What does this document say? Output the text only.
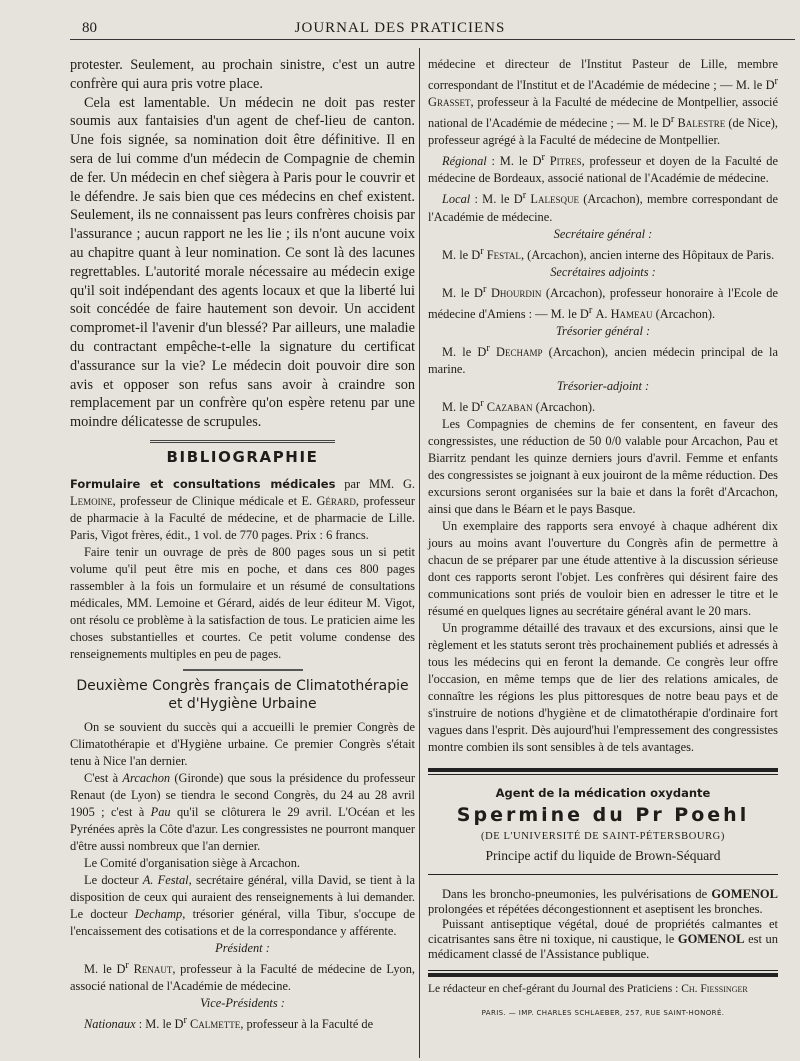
80	JOURNAL DES PRATICIENS

protester. Seulement, au prochain sinistre, c'est un autre confrère qui aura pris votre place.

Cela est lamentable. Un médecin ne doit pas rester soumis aux fantaisies d'un agent de chef-lieu de canton. Une fois signée, sa nomination doit être définitive. Il en sera de lui comme d'un médecin de Compagnie de chemin de fer. Un médecin en chef siègera à Paris pour le couvrir et le défendre. Je sais bien que ces médecins en chef existent. Seulement, ils ne connaissent pas leurs confrères choisis par l'assurance ; aucun rapport ne les lie ; ils n'ont aucune voix au chapitre quant à leur nomination. Ce sont là des lacunes regrettables. L'autorité morale nécessaire au médecin exige qu'il soit indépendant des agents locaux et que la liberté lui soit concédée de faire hautement son devoir. Un accident compromet-il l'avenir d'un blessé? Par ailleurs, une maladie du contractant empêche-t-elle la signature du certificat d'assurance sur la vie? Le médecin doit pouvoir dire son avis et opposer son refus sans avoir à craindre son remplacement par un confrère qu'on espère retenu par une moindre délicatesse de scrupules.

BIBLIOGRAPHIE

Formulaire et consultations médicales par MM. G. Lemoine, professeur de Clinique médicale et E. Gérard, professeur de pharmacie à la Faculté de médecine, et de pharmacie de Lille. Paris, Vigot frères, édit., 1 vol. de 770 pages. Prix : 6 francs.

Faire tenir un ouvrage de près de 800 pages sous un si petit volume qu'il peut être mis en poche, et dans ces 800 pages rassembler à la fois un formulaire et un résumé de consultations médicales, MM. Lemoine et Gérard, aidés de leur éditeur M. Vigot, ont résolu ce problème à la satisfaction de tous. Le praticien aime les choses substantielles et courtes. Ce petit volume condense des renseignements multiples en peu de pages.

Deuxième Congrès français de Climatothérapie
et d'Hygiène Urbaine

On se souvient du succès qui a accueilli le premier Congrès de Climatothérapie et d'Hygiène urbaine. Ce premier Congrès s'était tenu à Nice l'an dernier.

C'est à Arcachon (Gironde) que sous la présidence du professeur Renaut (de Lyon) se tiendra le second Congrès, du 24 au 28 avril 1905 ; c'est à Pau qu'il se clôturera le 29 avril. L'Océan et les Pyrénées après la Côte d'azur. Les congressistes ne pourront manquer d'être aussi nombreux que l'an dernier.

Le Comité d'organisation siège à Arcachon.

Le docteur A. Festal, secrétaire général, villa David, se tient à la disposition de ceux qui auraient des renseignements à lui demander. Le docteur Dechamp, trésorier général, villa Tibur, s'occupe de l'encaissement des cotisations et de la correspondance y afférente.

Président :

M. le $D^r$ Renaut, professeur à la Faculté de médecine de Lyon, associé national de l'Académie de médecine.

Vice-Présidents :

Nationaux : M. le $D^r$ Calmette, professeur à la Faculté de

médecine et directeur de l'Institut Pasteur de Lille, membre correspondant de l'Institut et de l'Académie de médecine ; — M. le $D^r$ Grasset, professeur à la Faculté de médecine de Montpellier, associé national de l'Académie de médecine ; — M. le $D^r$ Balestre (de Nice), professeur agrégé à la Faculté de médecine de Montpellier.

Régional : M. le $D^r$ Pitres, professeur et doyen de la Faculté de médecine de Bordeaux, associé national de l'Académie de médecine.

Local : M. le $D^r$ Lalesque (Arcachon), membre correspondant de l'Académie de médecine.

Secrétaire général :

M. le $D^r$ Festal, (Arcachon), ancien interne des Hôpitaux de Paris.

Secrétaires adjoints :

M. le $D^r$ Dhourdin (Arcachon), professeur honoraire à l'Ecole de médecine d'Amiens : — M. le $D^r$ A. Hameau (Arcachon).

Trésorier général :

M. le $D^r$ Dechamp (Arcachon), ancien médecin principal de la marine.

Trésorier-adjoint :

M. le $D^r$ Cazaban (Arcachon).

Les Compagnies de chemins de fer consentent, en faveur des congressistes, une réduction de 50 0/0 valable pour Arcachon, Pau et Biarritz pendant les quinze derniers jours d'avril. Femme et enfants des congressistes se joignant à eux jouiront de la même réduction. Des excursions seront organisées sur la baie et dans la forêt d'Arcachon, ainsi que dans le Béarn et le pays Basque.

Un exemplaire des rapports sera envoyé à chaque adhérent dix jours au moins avant l'ouverture du Congrès afin de permettre à chacun de se préparer par une étude attentive à la discussion sérieuse dont ces rapports seront l'objet. Les confrères qui désirent faire des communications sont priés de vouloir bien en adresser le titre et le résumé en quelques lignes au secrétaire général avant le 20 mars.

Un programme détaillé des travaux et des excursions, ainsi que le règlement et les statuts seront très prochainement publiés et adressés à tous les médecins qui en feront la demande. Ce congrès leur offre l'occasion, en même temps que de lier des relations amicales, de connaître les régions les plus pittoresques de notre beau pays et de s'instruire de notions d'hygiène et de climatothérapie d'ordinaire fort vagues dans l'esprit. Dès aujourd'hui l'empressement des congressistes montre combien ils sont sensibles à de tels avantages.

Agent de la médication oxydante
Spermine du Pr Poehl
(DE L'UNIVERSITÉ DE SAINT-PÉTERSBOURG)
Principe actif du liquide de Brown-Séquard

Dans les broncho-pneumonies, les pulvérisations de GOMENOL prolongées et répétées décongestionnent et aseptisent les bronches.

Puissant antiseptique végétal, doué de propriétés calmantes et cicatrisantes sans être ni toxique, ni caustique, le GOMENOL est un médicament classé de l'Assistance publique.

Le rédacteur en chef-gérant du Journal des Praticiens : Ch. Fiessinger

PARIS. — IMP. CHARLES SCHLAEBER, 257, RUE SAINT-HONORÉ.
